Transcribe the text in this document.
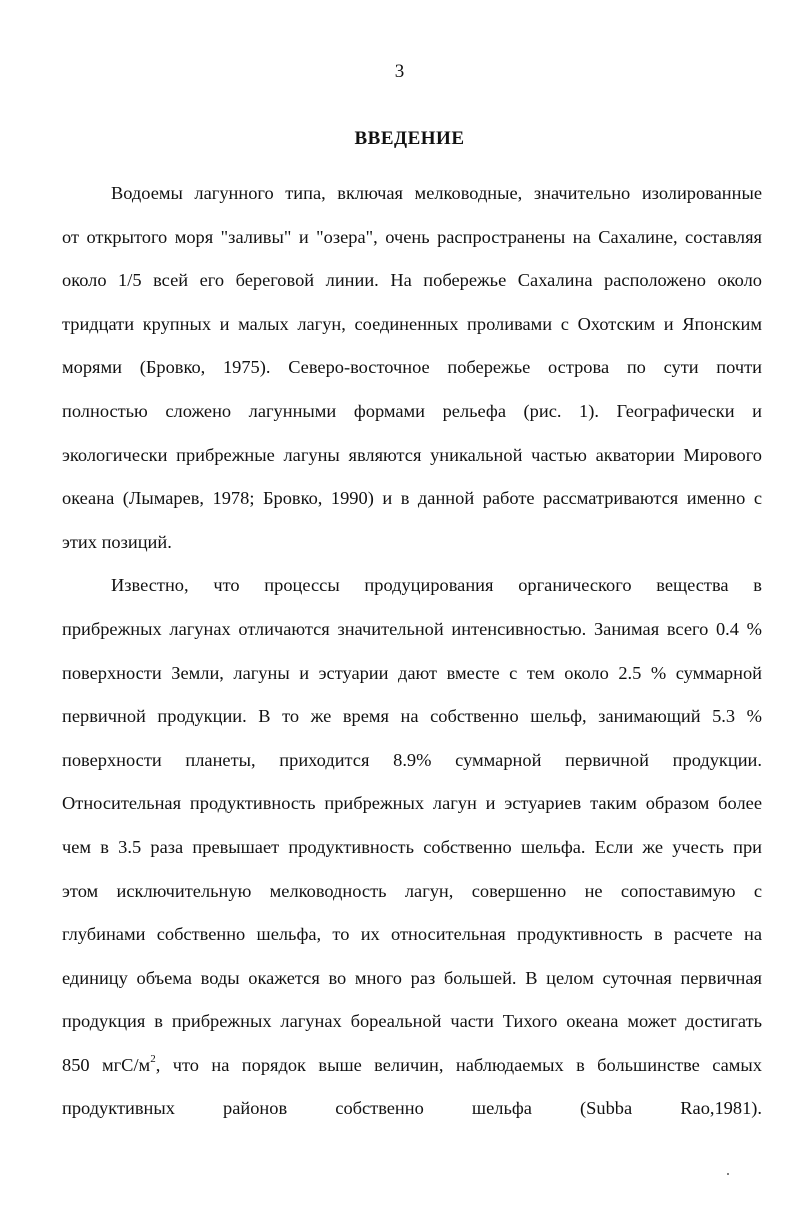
3
ВВЕДЕНИЕ
Водоемы лагунного типа, включая мелководные, значительно изолированные
от открытого моря "заливы" и "озера", очень распространены на Сахалине, составляя
около 1/5 всей его береговой линии. На побережье Сахалина расположено около
тридцати крупных и малых лагун, соединенных проливами с Охотским и Японским
морями (Бровко, 1975). Северо-восточное побережье острова по сути почти
полностью сложено лагунными формами рельефа (рис. 1). Географически и
экологически прибрежные лагуны являются уникальной частью акватории Мирового
океана (Лымарев, 1978; Бровко, 1990) и в данной работе рассматриваются именно с
этих позиций.
Известно, что процессы продуцирования органического вещества в
прибрежных лагунах отличаются значительной интенсивностью. Занимая всего 0.4 %
поверхности Земли, лагуны и эстуарии дают вместе с тем около 2.5 % суммарной
первичной продукции. В то же время на собственно шельф, занимающий 5.3 %
поверхности планеты, приходится 8.9% суммарной первичной продукции.
Относительная продуктивность прибрежных лагун и эстуариев таким образом более
чем в 3.5 раза превышает продуктивность собственно шельфа. Если же учесть при
этом исключительную мелководность лагун, совершенно не сопоставимую с
глубинами собственно шельфа, то их относительная продуктивность в расчете на
единицу объема воды окажется во много раз большей. В целом суточная первичная
продукция в прибрежных лагунах бореальной части Тихого океана может достигать
850 мгС/$м^2$, что на порядок выше величин, наблюдаемых в большинстве самых
продуктивных районов собственно шельфа (Subba Rao,1981).
